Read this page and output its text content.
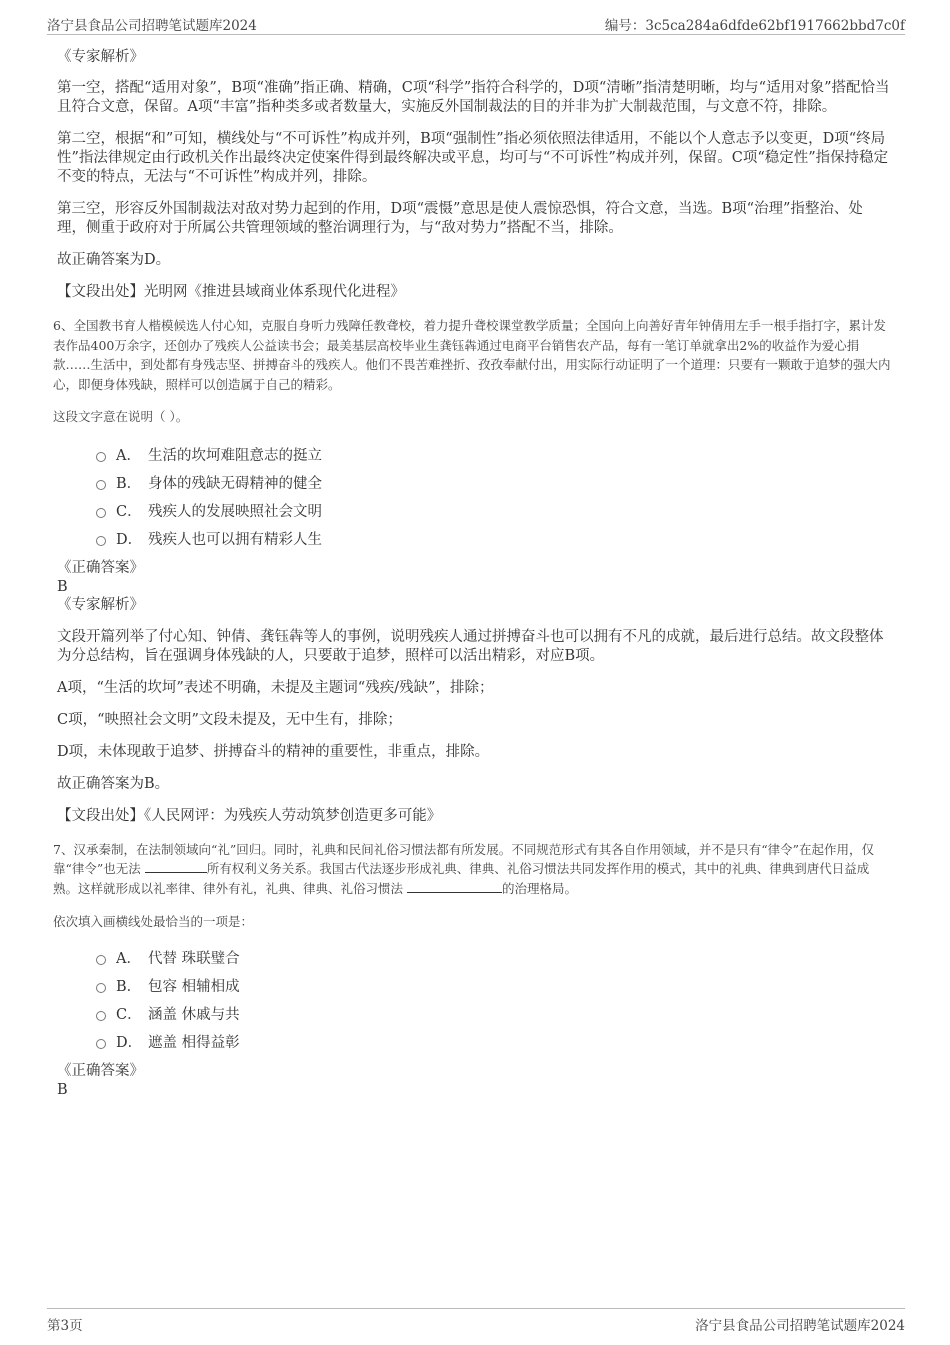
洛宁县食品公司招聘笔试题库2024	编号：3c5ca284a6dfde62bf1917662bbd7c0f

《专家解析》

第一空，搭配“适用对象”，B项“准确”指正确、精确，C项“科学”指符合科学的，D项“清晰”指清楚明晰，均与“适用对象”搭配恰当且符合文意，保留。A项“丰富”指种类多或者数量大，实施反外国制裁法的目的并非为扩大制裁范围，与文意不符，排除。

第二空，根据“和”可知，横线处与“不可诉性”构成并列，B项“强制性”指必须依照法律适用，不能以个人意志予以变更，D项“终局性”指法律规定由行政机关作出最终决定使案件得到最终解决或平息，均可与“不可诉性”构成并列，保留。C项“稳定性”指保持稳定不变的特点，无法与“不可诉性”构成并列，排除。

第三空，形容反外国制裁法对敌对势力起到的作用，D项“震慑”意思是使人震惊恐惧，符合文意，当选。B项“治理”指整治、处理，侧重于政府对于所属公共管理领域的整治调理行为，与“敌对势力”搭配不当，排除。

故正确答案为D。

【文段出处】光明网《推进县域商业体系现代化进程》

6、全国教书育人楷模候选人付心知，克服自身听力残障任教聋校，着力提升聋校课堂教学质量；全国向上向善好青年钟倩用左手一根手指打字，累计发表作品400万余字，还创办了残疾人公益读书会；最美基层高校毕业生龚钰犇通过电商平台销售农产品，每有一笔订单就拿出2%的收益作为爱心捐款……生活中，到处都有身残志坚、拼搏奋斗的残疾人。他们不畏苦难挫折、孜孜奉献付出，用实际行动证明了一个道理：只要有一颗敢于追梦的强大内心，即便身体残缺，照样可以创造属于自己的精彩。

这段文字意在说明（ ）。

A． 生活的坎坷难阻意志的挺立
B． 身体的残缺无碍精神的健全
C． 残疾人的发展映照社会文明
D． 残疾人也可以拥有精彩人生

《正确答案》

B

《专家解析》

文段开篇列举了付心知、钟倩、龚钰犇等人的事例，说明残疾人通过拼搏奋斗也可以拥有不凡的成就，最后进行总结。故文段整体为分总结构，旨在强调身体残缺的人，只要敢于追梦，照样可以活出精彩，对应B项。

A项，“生活的坎坷”表述不明确，未提及主题词“残疾/残缺”，排除；

C项，“映照社会文明”文段未提及，无中生有，排除；

D项，未体现敢于追梦、拼搏奋斗的精神的重要性，非重点，排除。

故正确答案为B。

【文段出处】《人民网评：为残疾人劳动筑梦创造更多可能》

7、汉承秦制，在法制领域向“礼”回归。同时，礼典和民间礼俗习惯法都有所发展。不同规范形式有其各自作用领域，并不是只有“律令”在起作用，仅靠“律令”也无法	所有权利义务关系。我国古代法逐步形成礼典、律典、礼俗习惯法共同发挥作用的模式，其中的礼典、律典到唐代日益成熟。这样就形成以礼率律、律外有礼，礼典、律典、礼俗习惯法	的治理格局。

依次填入画横线处最恰当的一项是：

A． 代替 珠联璧合
B． 包容 相辅相成
C． 涵盖 休戚与共
D． 遮盖 相得益彰

《正确答案》

B

第3页	洛宁县食品公司招聘笔试题库2024
